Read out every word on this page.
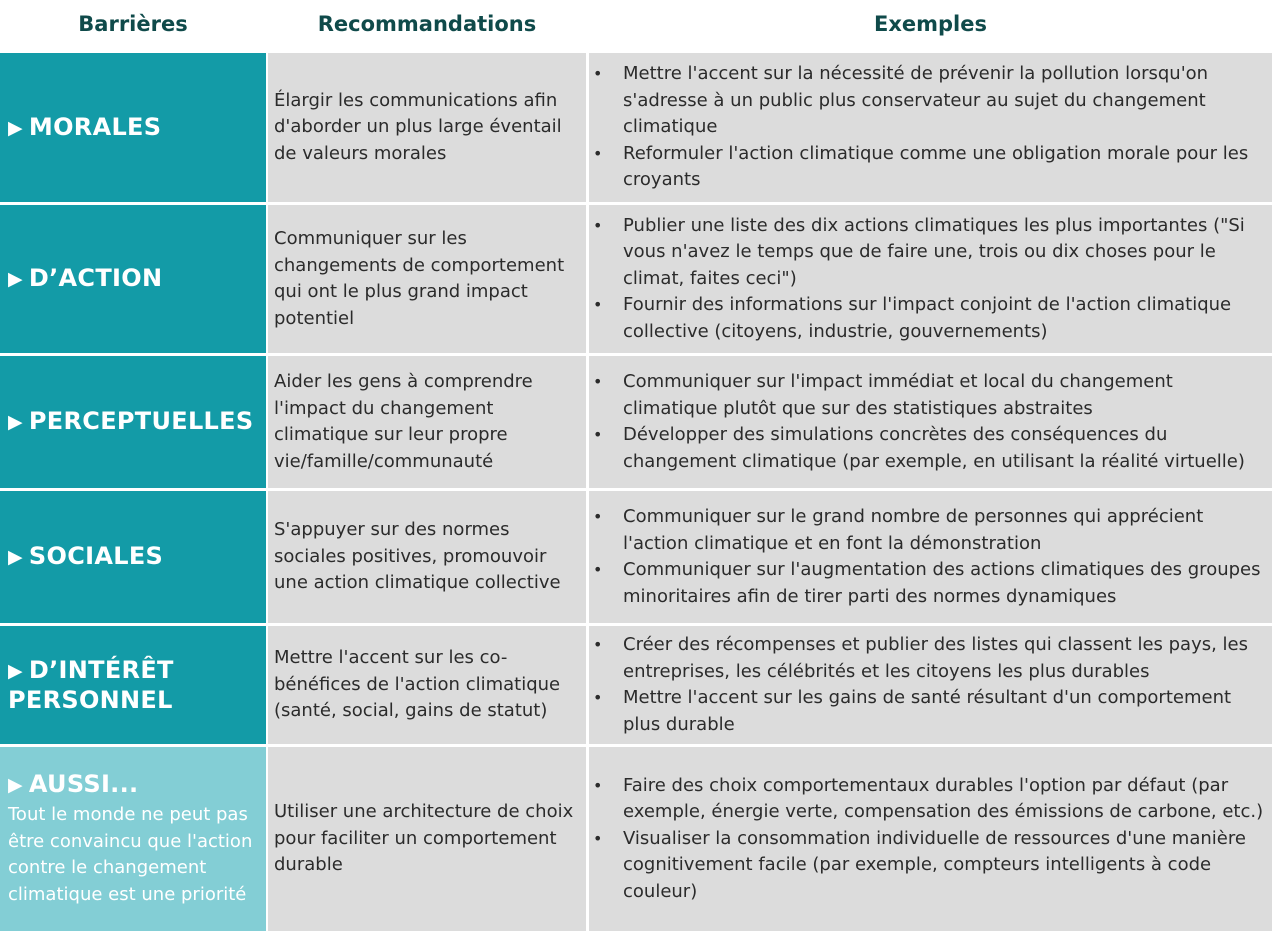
Barrières	Recommandations	Exemples
▶ MORALES
Élargir les communications afin d'aborder un plus large éventail de valeurs morales
• Mettre l'accent sur la nécessité de prévenir la pollution lorsqu'on s'adresse à un public plus conservateur au sujet du changement climatique
• Reformuler l'action climatique comme une obligation morale pour les croyants
▶ D’ACTION
Communiquer sur les changements de comportement qui ont le plus grand impact potentiel
• Publier une liste des dix actions climatiques les plus importantes ("Si vous n'avez le temps que de faire une, trois ou dix choses pour le climat, faites ceci")
• Fournir des informations sur l'impact conjoint de l'action climatique collective (citoyens, industrie, gouvernements)
▶ PERCEPTUELLES
Aider les gens à comprendre l'impact du changement climatique sur leur propre vie/famille/communauté
• Communiquer sur l'impact immédiat et local du changement climatique plutôt que sur des statistiques abstraites
• Développer des simulations concrètes des conséquences du changement climatique (par exemple, en utilisant la réalité virtuelle)
▶ SOCIALES
S'appuyer sur des normes sociales positives, promouvoir une action climatique collective
• Communiquer sur le grand nombre de personnes qui apprécient l'action climatique et en font la démonstration
• Communiquer sur l'augmentation des actions climatiques des groupes minoritaires afin de tirer parti des normes dynamiques
▶ D’INTÉRÊT
PERSONNEL
Mettre l'accent sur les co-bénéfices de l'action climatique (santé, social, gains de statut)
• Créer des récompenses et publier des listes qui classent les pays, les entreprises, les célébrités et les citoyens les plus durables
• Mettre l'accent sur les gains de santé résultant d'un comportement plus durable
▶ AUSSI...
Tout le monde ne peut pas être convaincu que l'action contre le changement climatique est une priorité
Utiliser une architecture de choix pour faciliter un comportement durable
• Faire des choix comportementaux durables l'option par défaut (par exemple, énergie verte, compensation des émissions de carbone, etc.)
• Visualiser la consommation individuelle de ressources d'une manière cognitivement facile (par exemple, compteurs intelligents à code couleur)
